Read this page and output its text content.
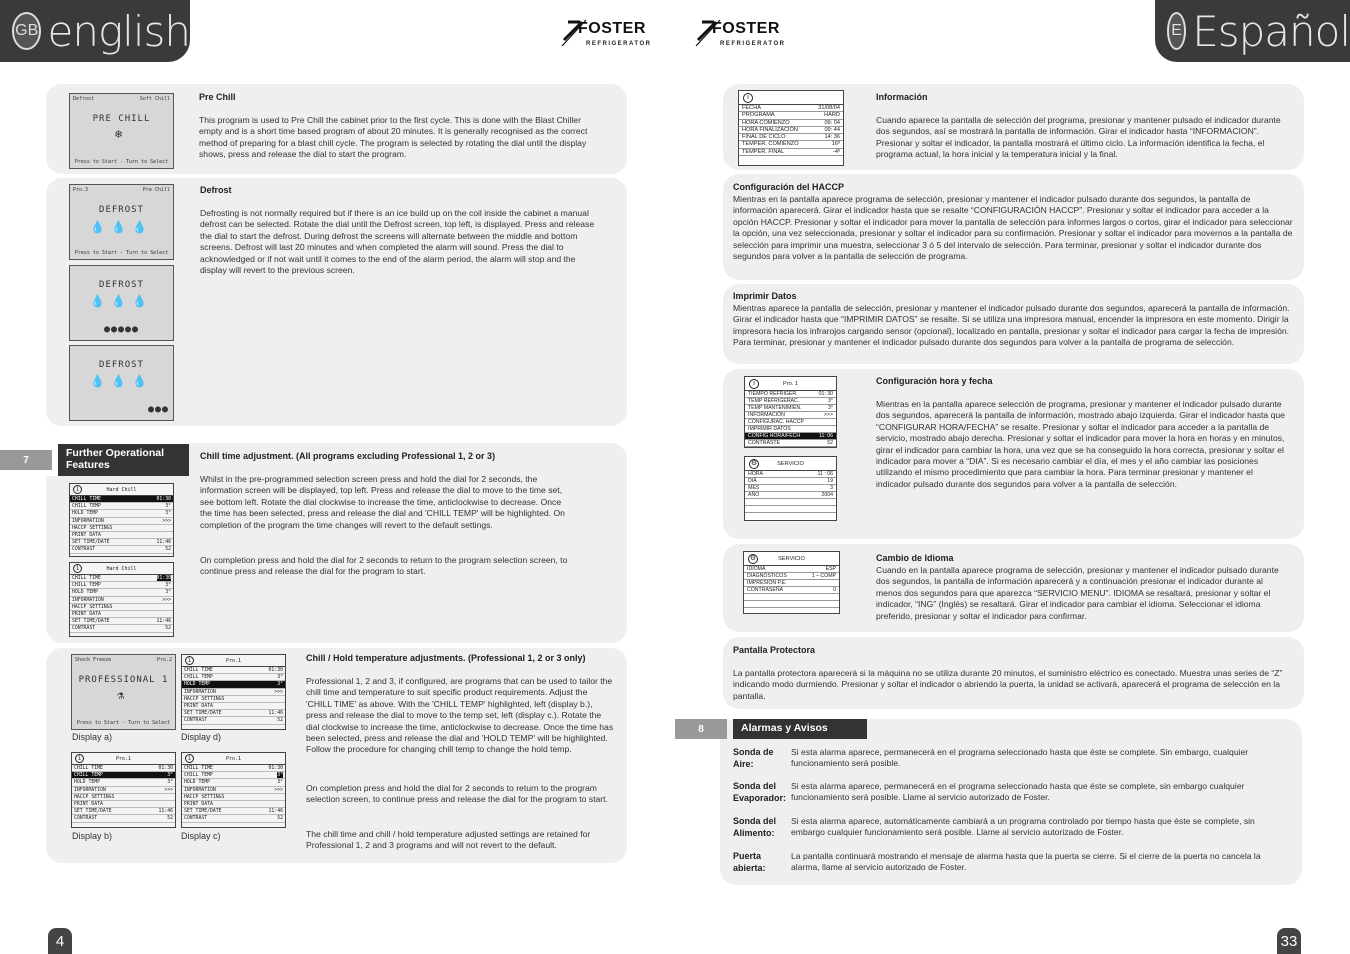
GB english	E Español
FOSTER
REFRIGERATOR
FOSTER
REFRIGERATOR
Defrost	Soft Chill
PRE CHILL
❄
Press to Start - Turn to Select
Pre Chill
This program is used to Pre Chill the cabinet prior to the first cycle. This is done with the Blast Chiller empty and is a short time based program of about 20 minutes. It is generally recognised as the correct method of preparing for a blast chill cycle. The program is selected by rotating the dial until the display shows, press and release the dial to start the program.
Pro.3	Pre Chill
DEFROST
💧💧💧
Press to Start - Turn to Select
DEFROST
💧💧💧
●●●●●
DEFROST
💧💧💧
●●●
Defrost
Defrosting is not normally required but if there is an ice build up on the coil inside the cabinet a manual defrost can be selected. Rotate the dial until the Defrost screen, top left, is displayed. Press and release the dial to start the defrost. During defrost the screens will alternate between the middle and bottom screens. Defrost will last 20 minutes and when completed the alarm will sound. Press the dial to acknowledged or if not wait until it comes to the end of the alarm period, the alarm will stop and the display will revert to the previous screen.
7
Further Operational Features
Chill time adjustment. (All programs excluding Professional 1, 2 or 3)
Whilst in the pre-programmed selection screen press and hold the dial for 2 seconds, the information screen will be displayed, top left. Press and release the dial to move to the time set, see bottom left. Rotate the dial clockwise to increase the time, anticlockwise to decrease. Once the time has been selected, press and release the dial and 'CHILL TEMP' will be highlighted. On completion of the program the time changes will revert to the default settings.
On completion press and hold the dial for 2 seconds to return to the program selection screen, to continue press and release the dial for the program to start.
i	Hard Chill
CHILL TIME	01:30
CHILL TEMP	3°
HOLD TEMP	3°
INFORMATION	>>>
HACCP SETTINGS
PRINT DATA
SET TIME/DATE	11:46
CONTRAST	52
i	Hard Chill
CHILL TIME	01:30
CHILL TEMP	3°
HOLD TEMP	3°
INFORMATION	>>>
HACCP SETTINGS
PRINT DATA
SET TIME/DATE	11:46
CONTRAST	52
Shock Freeze	Pro.2
PROFESSIONAL 1
⚗
Press to Start - Turn to Select
Display a)
i	Pro.1
CHILL TIME	01:30
CHILL TEMP	3°
HOLD TEMP	3°
INFORMATION	>>>
HACCP SETTINGS
PRINT DATA
SET TIME/DATE	11:46
CONTRAST	52
Display d)
i	Pro.1
CHILL TIME	01:30
CHILL TEMP	3°
HOLD TEMP	3°
INFORMATION	>>>
HACCP SETTINGS
PRINT DATA
SET TIME/DATE	11:46
CONTRAST	52
Display b)
i	Pro.1
CHILL TIME	01:30
CHILL TEMP	3°
HOLD TEMP	3°
INFORMATION	>>>
HACCP SETTINGS
PRINT DATA
SET TIME/DATE	11:46
CONTRAST	52
Display c)
Chill / Hold temperature adjustments. (Professional 1, 2 or 3 only)
Professional 1, 2 and 3, if configured, are programs that can be used to tailor the chill time and temperature to suit specific product requirements. Adjust the 'CHILL TIME' as above. With the 'CHILL TEMP' highlighted, left (display b.), press and release the dial to move to the temp set, left (display c.). Rotate the dial clockwise to increase the time, anticlockwise to decrease. Once the time has been selected, press and release the dial and 'HOLD TEMP' will be highlighted. Follow the procedure for changing chill temp to change the hold temp.
On completion press and hold the dial for 2 seconds to return to the program selection screen, to continue press and release the dial for the program to start.
The chill time and chill / hold temperature adjusted settings are retained for Professional 1, 2 and 3 programs and will not revert to the default.
4
i
FECHA	31/08/04
PROGRAMA	HARD
HORA COMIENZO	09: 04
HORA FINALIZACIÓN	09: 44
FINAL DE CICLO	14: 36
TEMPER. COMIENZO	16º
TEMPER. FINAL	-4º
Información
Cuando aparece la pantalla de selección del programa, presionar y mantener pulsado el indicador durante dos segundos, así se mostrará la pantalla de información. Girar el indicador hasta “INFORMACION”. Presionar y soltar el indicador, la pantalla mostrará el último ciclo. La información identifica la fecha, el programa actual, la hora inicial y la temperatura inicial y la final.
Configuración del HACCP
Mientras en la pantalla aparece programa de selección, presionar y mantener el indicador pulsado durante dos segundos, la pantalla de información aparecerá. Girar el indicador hasta que se resalte “CONFIGURACIÓN HACCP”. Presionar y soltar el indicador para acceder a la opción HACCP. Presionar y soltar el indicador para mover la pantalla de selección para informes largos o cortos, girar el indicador para seleccionar la opción, una vez seleccionada, presionar y soltar el indicador para su confirmación. Presionar y soltar el indicador para movernos a la pantalla de selección para imprimir una muestra, seleccionar 3 ó 5 del intervalo de selección. Para terminar, presionar y soltar el indicador durante dos segundos para volver a la pantalla de selección de programa.
Imprimir Datos
Mientras aparece la pantalla de selección, presionar y mantener el indicador pulsado durante dos segundos, aparecerá la pantalla de información. Girar el indicador hasta que “IMPRIMIR DATOS” se resalte. Si se utiliza una impresora manual, encender la impresora en este momento. Dirigir la impresora hacia los infrarojos cargando sensor (opcional), localizado en pantalla, presionar y soltar el indicador para cargar la fecha de impresión. Para terminar, presionar y mantener el indicador pulsado durante dos segundos para volver a la pantalla de programa de selección.
i	Pro. 1
TIEMPO REFRIGER.	01: 30
TEMP REFRIGERAC.	3°
TEMP MANTENIMIEN.	3°
INFORMACIÓN	>>>
CONFIGURAC. HACCP
IMPRIMIR DATOS
CONFIG HORA/FECH	11: 06
CONTRASTE	52
⚙	SERVICIO
HORA	11 : 06
DIA	19
MES	3
AÑO	2004
Configuración hora y fecha
Mientras en la pantalla aparece selección de programa, presionar y mantener el indicador pulsado durante dos segundos, aparecerá la pantalla de información, mostrado abajo izquierda. Girar el indicador hasta que “CONFIGURAR HORA/FECHA” se resalte. Presionar y soltar el indicador para acceder a la pantalla de servicio, mostrado abajo derecha. Presionar y soltar el indicador para mover la hora en horas y en minutos, girar el indicador para cambiar la hora, una vez que se ha conseguido la hora correcta, presionar y soltar el indicador para mover a “DIA”. Si es necesario cambiar el día, el mes y el año cambiar las posiciones utilizando el mismo procedimiento que para cambiar la hora. Para terminar presionar y mantener el indicador pulsado durante dos segundos para volver a la pantalla de selección.
⚙	SERVICIO
IDIOMA	ESP
DIAGNÓSTICOS	1 – COMP
IMPRESIÓN P.E.
CONTRASEÑA	0
Cambio de Idioma
Cuando en la pantalla aparece programa de selección, presionar y mantener el indicador pulsado durante dos segundos, la pantalla de información aparecerá y a continuación presionar el indicador durante al menos dos segundos para que aparezca “SERVICIO MENU”. IDIOMA se resaltará, presionar y soltar el indicador, “ING” (Inglés) se resaltará. Girar el indicador para cambiar el idioma. Seleccionar el idioma preferido, presionar y soltar el indicador para confirmar.
Pantalla Protectora
La pantalla protectora aparecerá si la máquina no se utiliza durante 20 minutos, el suministro eléctrico es conectado. Muestra unas series de “Z” indicando modo durmiendo. Presionar y soltar el indicador o abriendo la puerta, la unidad se activará, aparecerá el programa de selección en la pantalla.
8	Alarmas y Avisos
Sonda de Aire:
Si esta alarma aparece, permanecerá en el programa seleccionado hasta que éste se complete. Sin embargo, cualquier funcionamiento será posible.
Sonda del Evaporador:
Si esta alarma aparece, permanecerá en el programa seleccionado hasta que éste se complete, sin embargo cualquier funcionamiento será posible. Llame al servicio autorizado de Foster.
Sonda del Alimento:
Si esta alarma aparece, automáticamente cambiará a un programa controlado por tiempo hasta que éste se complete, sin embargo cualquier funcionamiento será posible. Llame al servicio autorizado de Foster.
Puerta abierta:
La pantalla continuará mostrando el mensaje de alarma hasta que la puerta se cierre. Si el cierre de la puerta no cancela la alarma, llame al servicio autorizado de Foster.
33
